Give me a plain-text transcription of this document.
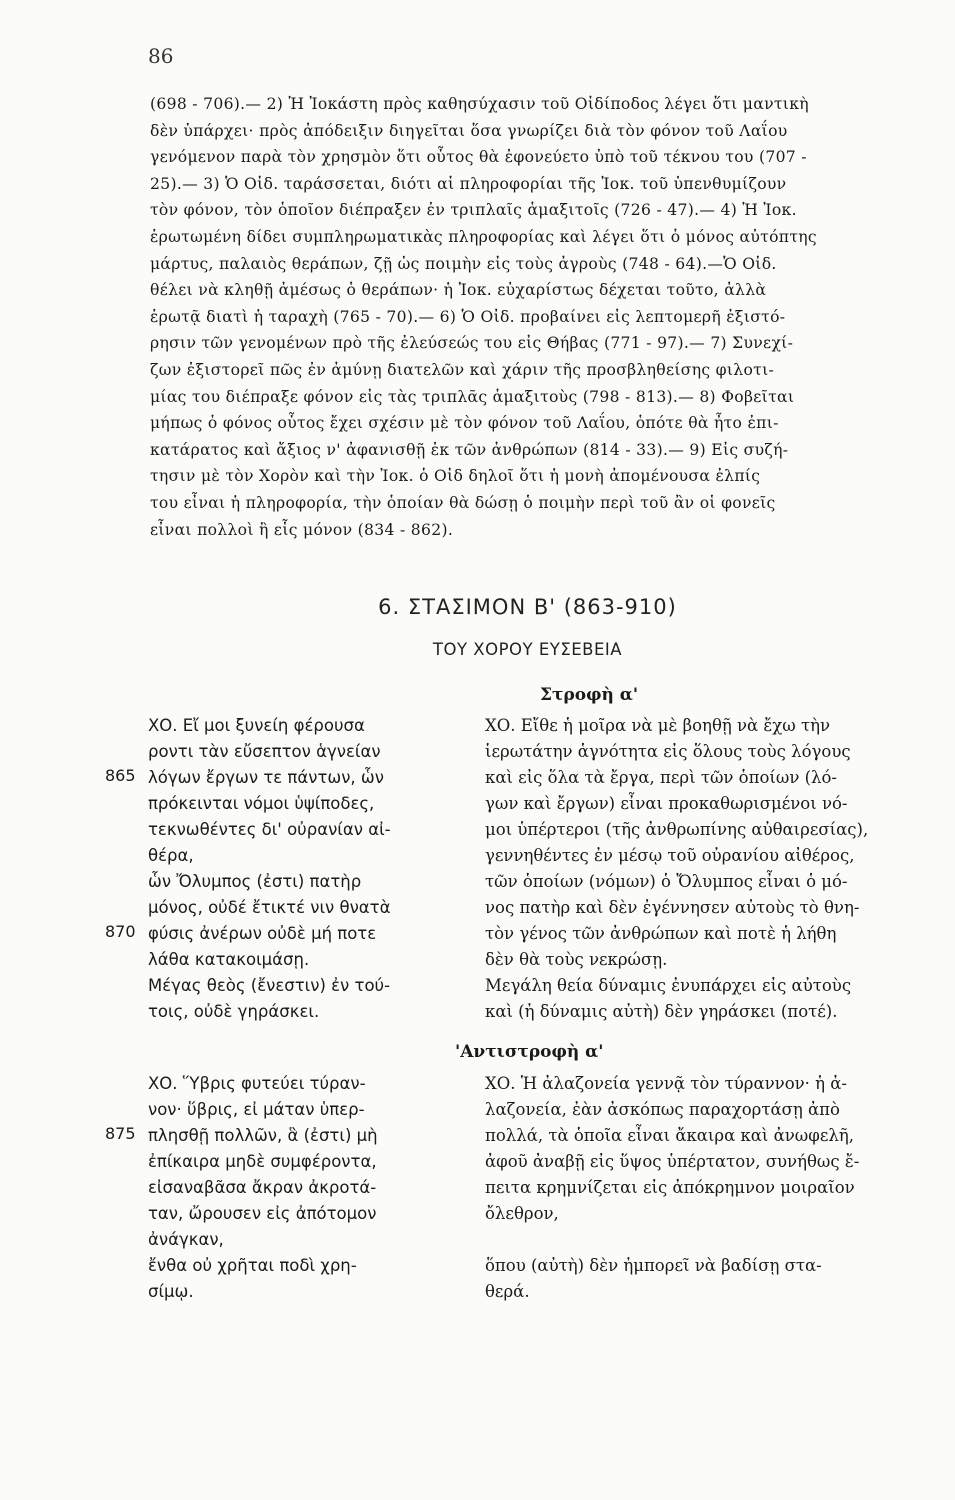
86
(698 - 706).— 2) Ἡ Ἰοκάστη πρὸς καθησύχασιν τοῦ Οἰδίποδος λέγει ὅτι μαντικὴ
δὲν ὑπάρχει· πρὸς ἀπόδειξιν διηγεῖται ὅσα γνωρίζει διὰ τὸν φόνον τοῦ Λαΐου
γενόμενον παρὰ τὸν χρησμὸν ὅτι οὗτος θὰ ἐφονεύετο ὑπὸ τοῦ τέκνου του (707 -
25).— 3) Ὁ Οἰδ. ταράσσεται, διότι αἱ πληροφορίαι τῆς Ἰοκ. τοῦ ὑπενθυμίζουν
τὸν φόνον, τὸν ὁποῖον διέπραξεν ἐν τριπλαῖς ἁμαξιτοῖς (726 - 47).— 4) Ἡ Ἰοκ.
ἐρωτωμένη δίδει συμπληρωματικὰς πληροφορίας καὶ λέγει ὅτι ὁ μόνος αὐτόπτης
μάρτυς, παλαιὸς θεράπων, ζῇ ὡς ποιμὴν εἰς τοὺς ἀγροὺς (748 - 64).—Ὁ Οἰδ.
θέλει νὰ κληθῇ ἀμέσως ὁ θεράπων· ἡ Ἰοκ. εὐχαρίστως δέχεται τοῦτο, ἀλλὰ
ἐρωτᾷ διατὶ ἡ ταραχὴ (765 - 70).— 6) Ὁ Οἰδ. προβαίνει εἰς λεπτομερῆ ἐξιστό-
ρησιν τῶν γενομένων πρὸ τῆς ἐλεύσεώς του εἰς Θήβας (771 - 97).— 7) Συνεχί-
ζων ἐξιστορεῖ πῶς ἐν ἀμύνῃ διατελῶν καὶ χάριν τῆς προσβληθείσης φιλοτι-
μίας του διέπραξε φόνον εἰς τὰς τριπλᾶς ἁμαξιτοὺς (798 - 813).— 8) Φοβεῖται
μήπως ὁ φόνος οὗτος ἔχει σχέσιν μὲ τὸν φόνον τοῦ Λαΐου, ὁπότε θὰ ἦτο ἐπι-
κατάρατος καὶ ἄξιος ν' ἀφανισθῇ ἐκ τῶν ἀνθρώπων (814 - 33).— 9) Εἰς συζή-
τησιν μὲ τὸν Χορὸν καὶ τὴν Ἰοκ. ὁ Οἰδ δηλοῖ ὅτι ἡ μονὴ ἀπομένουσα ἐλπίς
του εἶναι ἡ πληροφορία, τὴν ὁποίαν θὰ δώσῃ ὁ ποιμὴν περὶ τοῦ ἂν οἱ φονεῖς
εἶναι πολλοὶ ἢ εἷς μόνον (834 - 862).
6. ΣΤΑΣΙΜΟΝ Β' (863-910)
ΤΟΥ ΧΟΡΟΥ ΕΥΣΕΒΕΙΑ
Στροφὴ α'
ΧΟ. Εἴ μοι ξυνείη φέρουσα
ροντι τὰν εὔσεπτον ἁγνείαν
λόγων ἔργων τε πάντων, ὧν
πρόκεινται νόμοι ὑψίποδες,
τεκνωθέντες δι' οὐρανίαν αἰ-
θέρα,
ὧν Ὄλυμπος (ἐστι) πατὴρ
μόνος, οὐδέ ἔτικτέ νιν θνατὰ
φύσις ἀνέρων οὐδὲ μή ποτε
λάθα κατακοιμάσῃ.
Μέγας θεὸς (ἔνεστιν) ἐν τού-
τοις, οὐδὲ γηράσκει.
ΧΟ. Εἴθε ἡ μοῖρα νὰ μὲ βοηθῇ νὰ ἔχω τὴν
ἱερωτάτην ἁγνότητα εἰς ὅλους τοὺς λόγους
καὶ εἰς ὅλα τὰ ἔργα, περὶ τῶν ὁποίων (λό-
γων καὶ ἔργων) εἶναι προκαθωρισμένοι νό-
μοι ὑπέρτεροι (τῆς ἀνθρωπίνης αὐθαιρεσίας),
γεννηθέντες ἐν μέσῳ τοῦ οὐρανίου αἰθέρος,
τῶν ὁποίων (νόμων) ὁ Ὄλυμπος εἶναι ὁ μό-
νος πατὴρ καὶ δὲν ἐγέννησεν αὐτοὺς τὸ θνη-
τὸν γένος τῶν ἀνθρώπων καὶ ποτὲ ἡ λήθη
δὲν θὰ τοὺς νεκρώσῃ.
Μεγάλη θεία δύναμις ἐνυπάρχει εἰς αὐτοὺς
καὶ (ἡ δύναμις αὐτὴ) δὲν γηράσκει (ποτέ).
865
870
'Αντιστροφὴ α'
ΧΟ. Ὕβρις φυτεύει τύραν-
νον· ὕβρις, εἰ μάταν ὑπερ-
πλησθῇ πολλῶν, ἃ (ἐστι) μὴ
ἐπίκαιρα μηδὲ συμφέροντα,
εἰσαναβᾶσα ἄκραν ἀκροτά-
ταν, ὤρουσεν εἰς ἀπότομον
ἀνάγκαν,
ἔνθα οὐ χρῆται ποδὶ χρη-
σίμῳ.
ΧΟ. Ἡ ἀλαζονεία γεννᾷ τὸν τύραννον· ἡ ἀ-
λαζονεία, ἐὰν ἀσκόπως παραχορτάσῃ ἀπὸ
πολλά, τὰ ὁποῖα εἶναι ἄκαιρα καὶ ἀνωφελῆ,
ἀφοῦ ἀναβῇ εἰς ὕψος ὑπέρτατον, συνήθως ἔ-
πειτα κρημνίζεται εἰς ἀπόκρημνον μοιραῖον
ὄλεθρον,

ὅπου (αὐτὴ) δὲν ἠμπορεῖ νὰ βαδίσῃ στα-
θερά.
875
